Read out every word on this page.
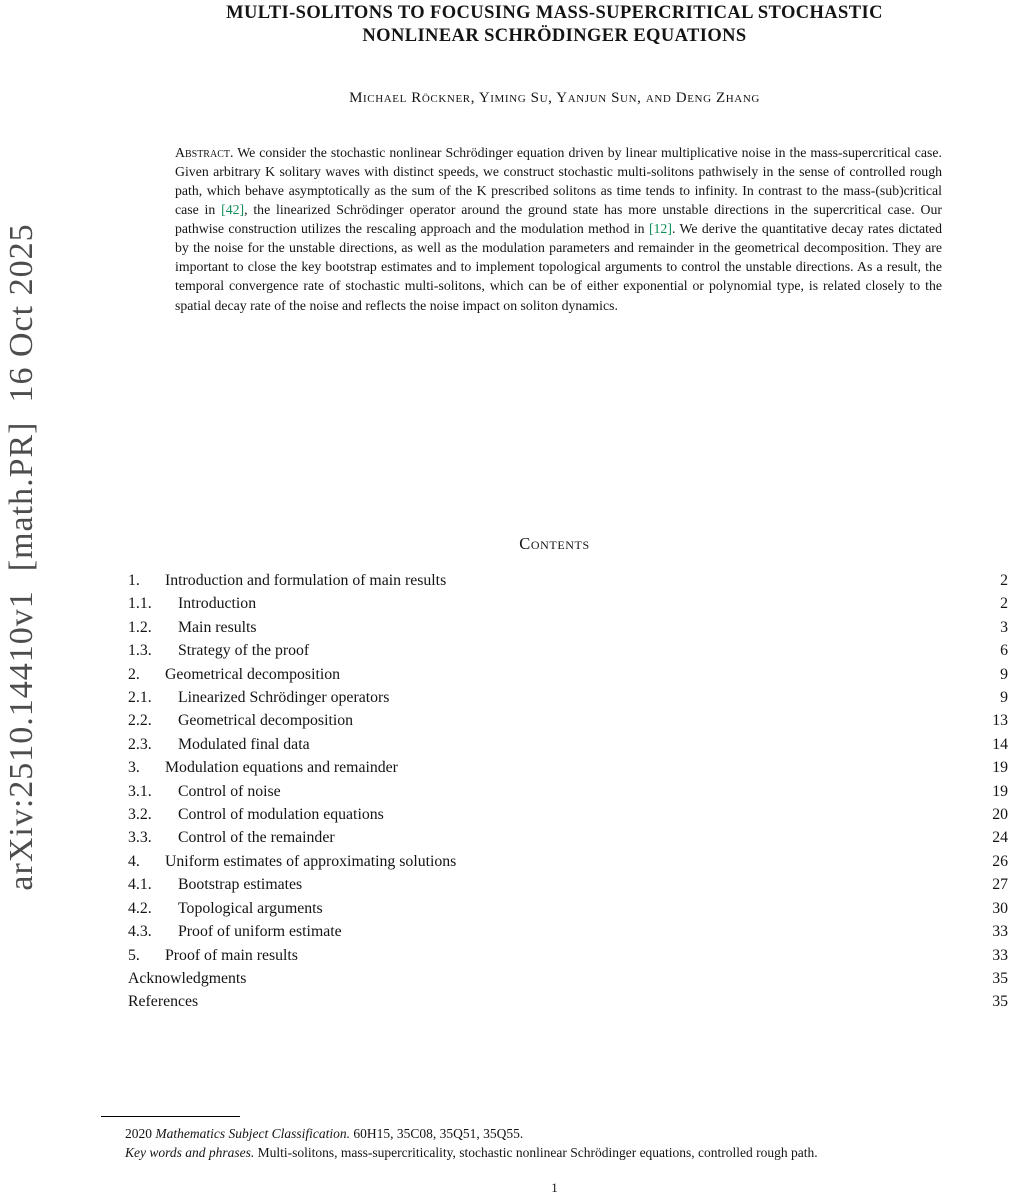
arXiv:2510.14410v1  [math.PR]  16 Oct 2025
MULTI-SOLITONS TO FOCUSING MASS-SUPERCRITICAL STOCHASTIC
NONLINEAR SCHRÖDINGER EQUATIONS
Michael Röckner, Yiming Su, Yanjun Sun, and Deng Zhang

Abstract. We consider the stochastic nonlinear Schrödinger equation driven by linear multiplicative noise in the mass-supercritical case. Given arbitrary K solitary waves with distinct speeds, we construct stochastic multi-solitons pathwisely in the sense of controlled rough path, which behave asymptotically as the sum of the K prescribed solitons as time tends to infinity. In contrast to the mass-(sub)critical case in [42], the linearized Schrödinger operator around the ground state has more unstable directions in the supercritical case. Our pathwise construction utilizes the rescaling approach and the modulation method in [12]. We derive the quantitative decay rates dictated by the noise for the unstable directions, as well as the modulation parameters and remainder in the geometrical decomposition. They are important to close the key bootstrap estimates and to implement topological arguments to control the unstable directions. As a result, the temporal convergence rate of stochastic multi-solitons, which can be of either exponential or polynomial type, is related closely to the spatial decay rate of the noise and reflects the noise impact on soliton dynamics.

Contents
1.	Introduction and formulation of main results	2
1.1.	Introduction	2
1.2.	Main results	3
1.3.	Strategy of the proof	6
2.	Geometrical decomposition	9
2.1.	Linearized Schrödinger operators	9
2.2.	Geometrical decomposition	13
2.3.	Modulated final data	14
3.	Modulation equations and remainder	19
3.1.	Control of noise	19
3.2.	Control of modulation equations	20
3.3.	Control of the remainder	24
4.	Uniform estimates of approximating solutions	26
4.1.	Bootstrap estimates	27
4.2.	Topological arguments	30
4.3.	Proof of uniform estimate	33
5.	Proof of main results	33
Acknowledgments	35
References	35

2020 Mathematics Subject Classification. 60H15, 35C08, 35Q51, 35Q55.

Key words and phrases. Multi-solitons, mass-supercriticality, stochastic nonlinear Schrödinger equations, controlled rough path.

1
